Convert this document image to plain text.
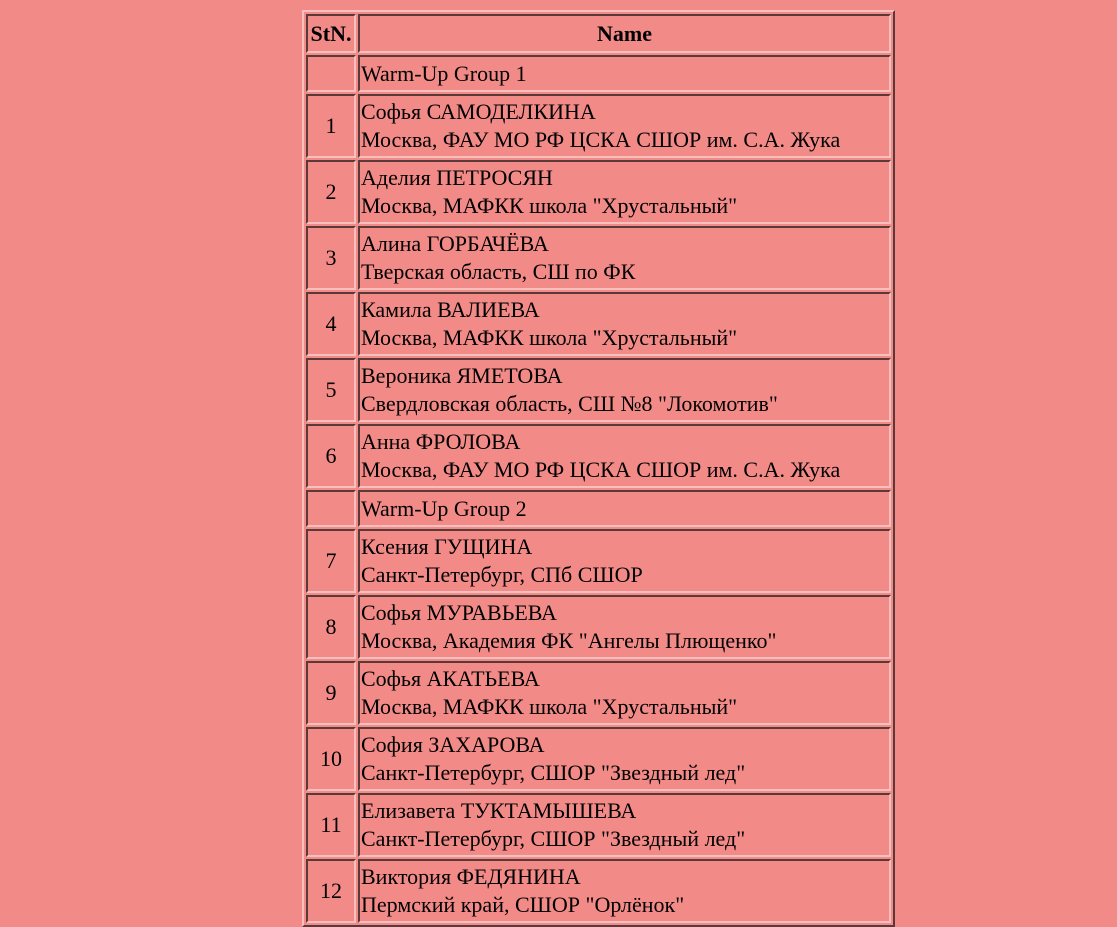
StN.	Name
	Warm-Up Group 1
1	Софья САМОДЕЛКИНА
Москва, ФАУ МО РФ ЦСКА СШОР им. С.А. Жука

2	Аделия ПЕТРОСЯН
Москва, МАФКК школа "Хрустальный"

3	Алина ГОРБАЧЁВА
Тверская область, СШ по ФК

4	Камила ВАЛИЕВА
Москва, МАФКК школа "Хрустальный"

5	Вероника ЯМЕТОВА
Свердловская область, СШ №8 "Локомотив"

6	Анна ФРОЛОВА
Москва, ФАУ МО РФ ЦСКА СШОР им. С.А. Жука

	Warm-Up Group 2
7	Ксения ГУЩИНА
Санкт-Петербург, СПб СШОР

8	Софья МУРАВЬЕВА
Москва, Академия ФК "Ангелы Плющенко"

9	Софья АКАТЬЕВА
Москва, МАФКК школа "Хрустальный"

10	София ЗАХАРОВА
Санкт-Петербург, СШОР "Звездный лед"

11	Елизавета ТУКТАМЫШЕВА
Санкт-Петербург, СШОР "Звездный лед"

12	Виктория ФЕДЯНИНА
Пермский край, СШОР "Орлёнок"
